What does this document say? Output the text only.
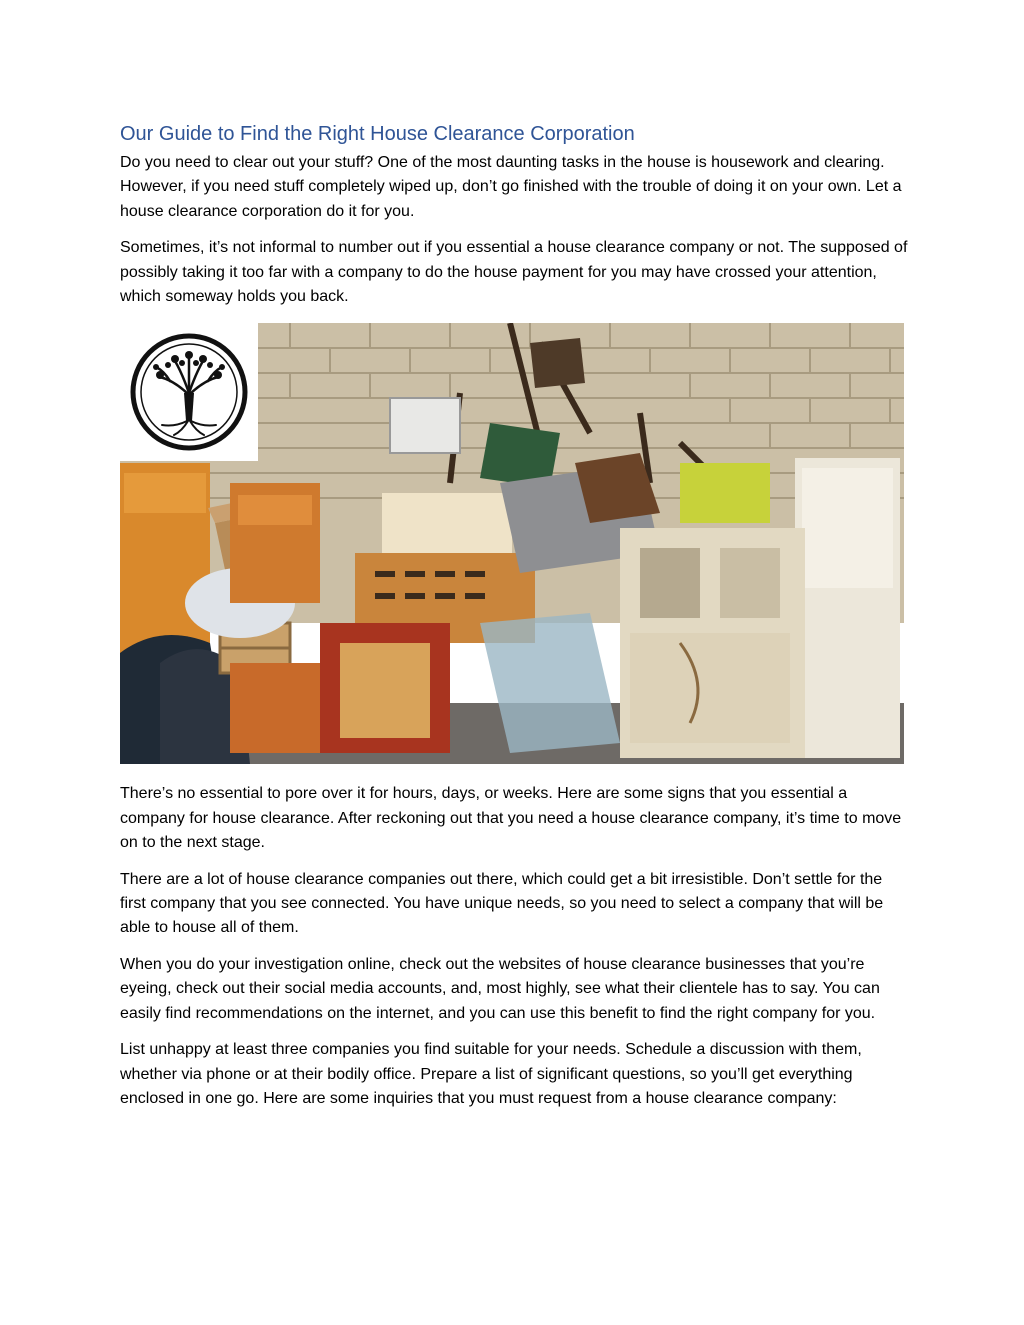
Our Guide to Find the Right House Clearance Corporation

Do you need to clear out your stuff? One of the most daunting tasks in the house is housework and clearing. However, if you need stuff completely wiped up, don’t go finished with the trouble of doing it on your own. Let a house clearance corporation do it for you.

Sometimes, it’s not informal to number out if you essential a house clearance company or not. The supposed of possibly taking it too far with a company to do the house payment for you may have crossed your attention, which someway holds you back.

There’s no essential to pore over it for hours, days, or weeks. Here are some signs that you essential a company for house clearance. After reckoning out that you need a house clearance company, it’s time to move on to the next stage.

There are a lot of house clearance companies out there, which could get a bit irresistible. Don’t settle for the first company that you see connected. You have unique needs, so you need to select a company that will be able to house all of them.

When you do your investigation online, check out the websites of house clearance businesses that you’re eyeing, check out their social media accounts, and, most highly, see what their clientele has to say. You can easily find recommendations on the internet, and you can use this benefit to find the right company for you.

List unhappy at least three companies you find suitable for your needs. Schedule a discussion with them, whether via phone or at their bodily office. Prepare a list of significant questions, so you’ll get everything enclosed in one go. Here are some inquiries that you must request from a house clearance company:
